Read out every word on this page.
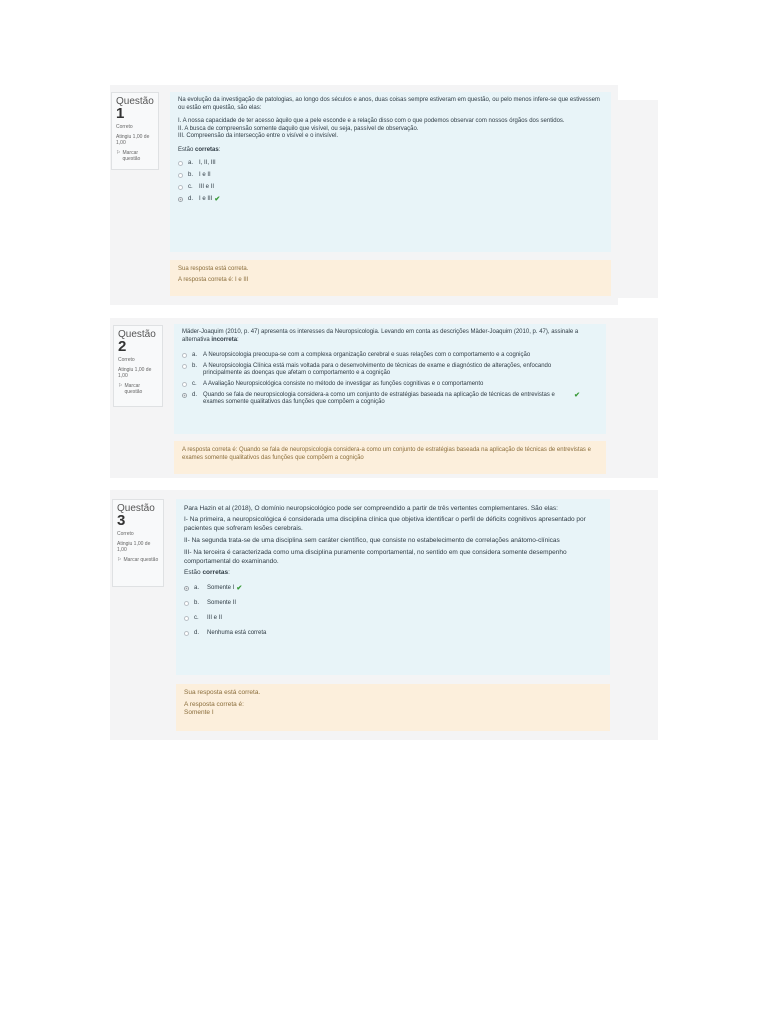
Questão
1
Correto
Atingiu 1,00 de 1,00
⚐ Marcar questão

Na evolução da investigação de patologias, ao longo dos séculos e anos, duas coisas sempre estiveram em questão, ou pelo menos infere-se que estivessem ou estão em questão, são elas:

I. A nossa capacidade de ter acesso àquilo que a pele esconde e a relação disso com o que podemos observar com nossos órgãos dos sentidos.

II. A busca de compreensão somente daquilo que visível, ou seja, passível de observação.

III. Compreensão da intersecção entre o visível e o invisível.

Estão corretas:

a. I, II, III
b. I e II
c.	III e II
d. I e III ✔

Sua resposta está correta.

A resposta correta é: I e III

Questão
2
Correto
Atingiu 1,00 de 1,00
⚐ Marcar questão

Mäder-Joaquim (2010, p. 47) apresenta os interesses da Neuropsicologia. Levando em conta as descrições Mäder-Joaquim (2010, p. 47), assinale a alternativa incorreta:

a. A Neuropsicologia preocupa-se com a complexa organização cerebral e suas relações com o comportamento e a cognição
b. A Neuropsicologia Clínica está mais voltada para o desenvolvimento de técnicas de exame e diagnóstico de alterações, enfocando principalmente as doenças que afetam o comportamento e a cognição
c.	A Avaliação Neuropsicológica consiste no método de investigar as funções cognitivas e o comportamento
d. Quando se fala de neuropsicologia considera-a como um conjunto de estratégias baseada na aplicação de técnicas de entrevistas e exames somente qualitativos das funções que compõem a cognição
✔

A resposta correta é: Quando se fala de neuropsicologia considera-a como um conjunto de estratégias baseada na aplicação de técnicas de entrevistas e exames somente qualitativos das funções que compõem a cognição

Questão
3
Correto
Atingiu 1,00 de 1,00
⚐ Marcar questão

Para Hazin et al (2018), O domínio neuropsicológico pode ser compreendido a partir de três vertentes complementares. São elas:

I- Na primeira, a neuropsicológica é considerada uma disciplina clínica que objetiva identificar o perfil de déficits cognitivos apresentado por pacientes que sofreram lesões cerebrais.

II- Na segunda trata-se de uma disciplina sem caráter científico, que consiste no estabelecimento de correlações anátomo-clínicas

III- Na terceira é caracterizada como uma disciplina puramente comportamental, no sentido em que considera somente desempenho comportamental do examinando.

Estão corretas:

a.	Somente I ✔
b.	Somente II
c.	III e II
d.	Nenhuma está correta

Sua resposta está correta.

A resposta correta é:

Somente I
